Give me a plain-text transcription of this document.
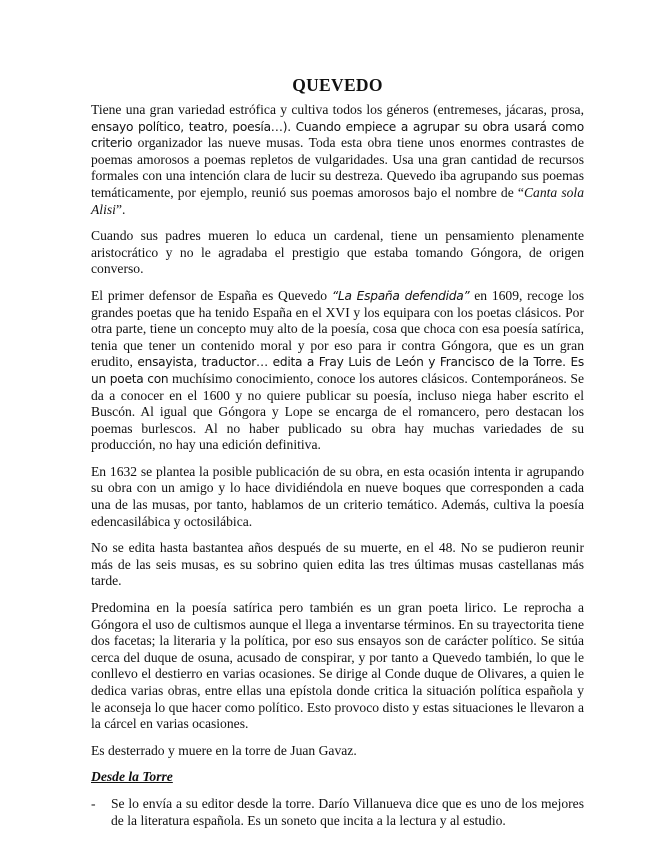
QUEVEDO

Tiene una gran variedad estrófica y cultiva todos los géneros (entremeses, jácaras, prosa, ensayo político, teatro, poesía…). Cuando empiece a agrupar su obra usará como criterio organizador las nueve musas. Toda esta obra tiene unos enormes contrastes de poemas amorosos a poemas repletos de vulgaridades. Usa una gran cantidad de recursos formales con una intención clara de lucir su destreza. Quevedo iba agrupando sus poemas temáticamente, por ejemplo, reunió sus poemas amorosos bajo el nombre de “Canta sola Alisi”.

Cuando sus padres mueren lo educa un cardenal, tiene un pensamiento plenamente aristocrático y no le agradaba el prestigio que estaba tomando Góngora, de origen converso.

El primer defensor de España es Quevedo “La España defendida” en 1609, recoge los grandes poetas que ha tenido España en el XVI y los equipara con los poetas clásicos. Por otra parte, tiene un concepto muy alto de la poesía, cosa que choca con esa poesía satírica, tenia que tener un contenido moral y por eso para ir contra Góngora, que es un gran erudito, ensayista, traductor… edita a Fray Luis de León y Francisco de la Torre. Es un poeta con muchísimo conocimiento, conoce los autores clásicos. Contemporáneos. Se da a conocer en el 1600 y no quiere publicar su poesía, incluso niega haber escrito el Buscón. Al igual que Góngora y Lope se encarga de el romancero, pero destacan los poemas burlescos. Al no haber publicado su obra hay muchas variedades de su producción, no hay una edición definitiva.

En 1632 se plantea la posible publicación de su obra, en esta ocasión intenta ir agrupando su obra con un amigo y lo hace dividiéndola en nueve boques que corresponden a cada una de las musas, por tanto, hablamos de un criterio temático. Además, cultiva la poesía edencasilábica y octosilábica.

No se edita hasta bastantea años después de su muerte, en el 48. No se pudieron reunir más de las seis musas, es su sobrino quien edita las tres últimas musas castellanas más tarde.

Predomina en la poesía satírica pero también es un gran poeta lirico. Le reprocha a Góngora el uso de cultismos aunque el llega a inventarse términos. En su trayectorita tiene dos facetas; la literaria y la política, por eso sus ensayos son de carácter político. Se sitúa cerca del duque de osuna, acusado de conspirar, y por tanto a Quevedo también, lo que le conllevo el destierro en varias ocasiones. Se dirige al Conde duque de Olivares, a quien le dedica varias obras, entre ellas una epístola donde critica la situación política española y le aconseja lo que hacer como político. Esto provoco disto y estas situaciones le llevaron a la cárcel en varias ocasiones.

Es desterrado y muere en la torre de Juan Gavaz.

Desde la Torre

- Se lo envía a su editor desde la torre. Darío Villanueva dice que es uno de los mejores de la literatura española. Es un soneto que incita a la lectura y al estudio.
